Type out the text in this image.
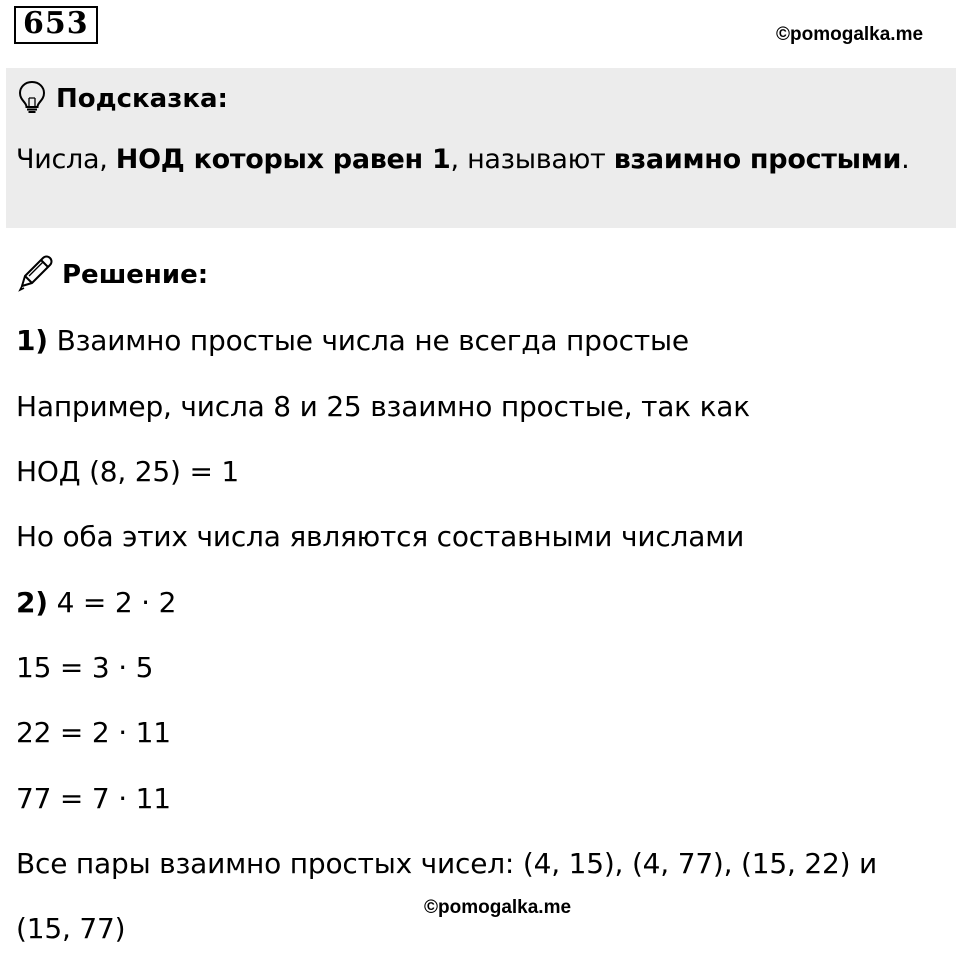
653	©pomogalka.me
Подсказка:
Числа, НОД которых равен 1, называют взаимно простыми.
Решение:
1) Взаимно простые числа не всегда простые
Например, числа 8 и 25 взаимно простые, так как
НОД (8, 25) = 1
Но оба этих числа являются составными числами
2) 4 = 2 · 2
15 = 3 · 5
22 = 2 · 11
77 = 7 · 11
Все пары взаимно простых чисел: (4, 15), (4, 77), (15, 22) и
(15, 77)
©pomogalka.me
